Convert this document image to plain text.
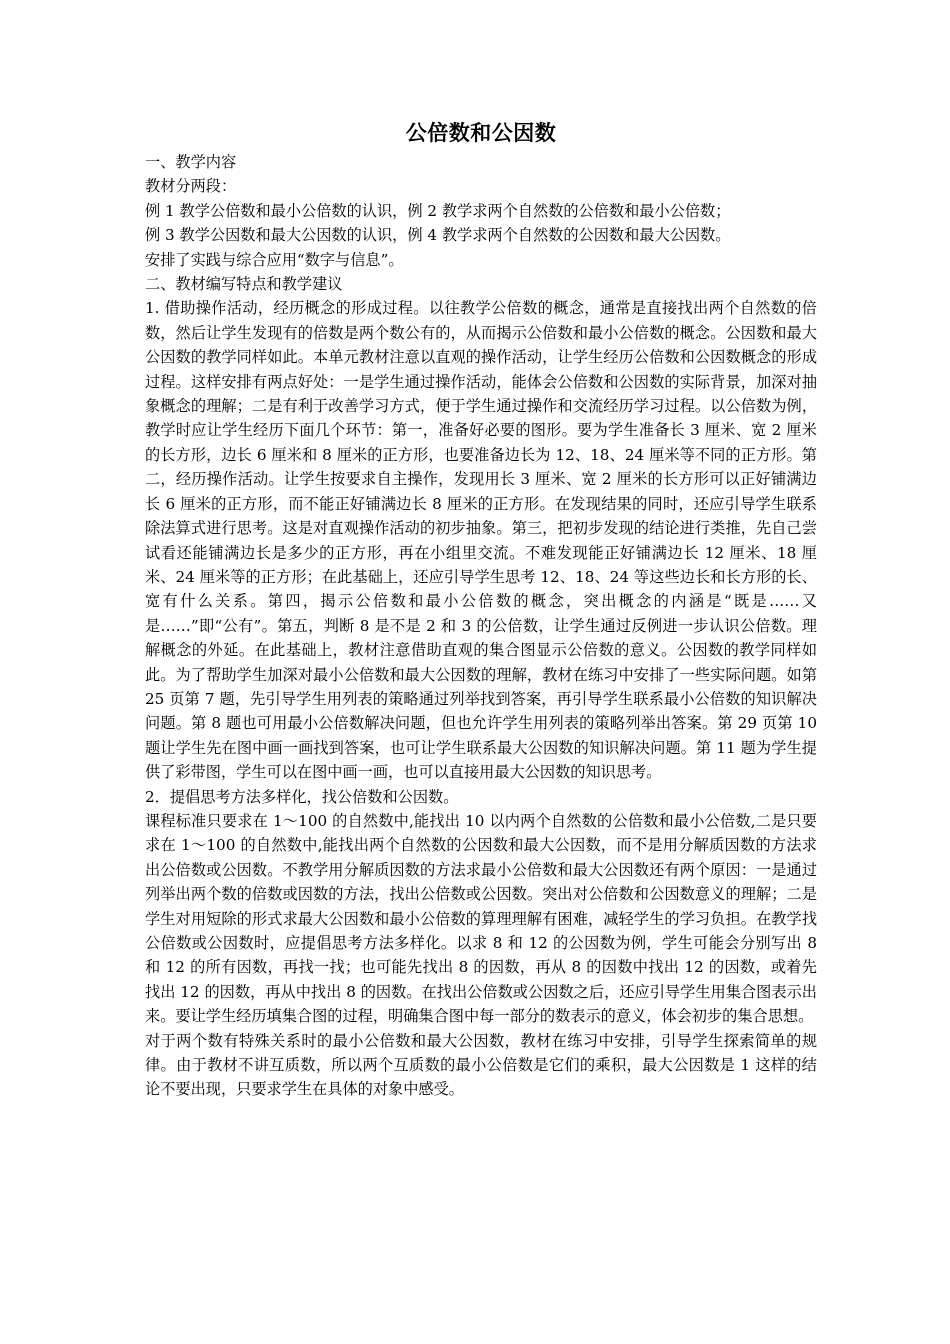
公倍数和公因数

一、教学内容

教材分两段：

例 1 教学公倍数和最小公倍数的认识，例 2 教学求两个自然数的公倍数和最小公倍数；

例 3 教学公因数和最大公因数的认识，例 4 教学求两个自然数的公因数和最大公因数。

安排了实践与综合应用“数字与信息”。

二、教材编写特点和教学建议

1. 借助操作活动，经历概念的形成过程。以往教学公倍数的概念，通常是直接找出两个自然数的倍数，然后让学生发现有的倍数是两个数公有的，从而揭示公倍数和最小公倍数的概念。公因数和最大公因数的教学同样如此。本单元教材注意以直观的操作活动，让学生经历公倍数和公因数概念的形成过程。这样安排有两点好处：一是学生通过操作活动，能体会公倍数和公因数的实际背景，加深对抽象概念的理解；二是有利于改善学习方式，便于学生通过操作和交流经历学习过程。以公倍数为例，教学时应让学生经历下面几个环节：第一，准备好必要的图形。要为学生准备长 3 厘米、宽 2 厘米的长方形，边长 6 厘米和 8 厘米的正方形，也要准备边长为 12、18、24 厘米等不同的正方形。第二，经历操作活动。让学生按要求自主操作，发现用长 3 厘米、宽 2 厘米的长方形可以正好铺满边长 6 厘米的正方形，而不能正好铺满边长 8 厘米的正方形。在发现结果的同时，还应引导学生联系除法算式进行思考。这是对直观操作活动的初步抽象。第三，把初步发现的结论进行类推，先自己尝试看还能铺满边长是多少的正方形，再在小组里交流。不难发现能正好铺满边长 12 厘米、18 厘米、24 厘米等的正方形；在此基础上，还应引导学生思考 12、18、24 等这些边长和长方形的长、宽有什么关系。第四，揭示公倍数和最小公倍数的概念，突出概念的内涵是“既是……又是……”即“公有”。第五，判断 8 是不是 2 和 3 的公倍数，让学生通过反例进一步认识公倍数。理解概念的外延。在此基础上，教材注意借助直观的集合图显示公倍数的意义。公因数的教学同样如此。为了帮助学生加深对最小公倍数和最大公因数的理解，教材在练习中安排了一些实际问题。如第 25 页第 7 题，先引导学生用列表的策略通过列举找到答案，再引导学生联系最小公倍数的知识解决问题。第 8 题也可用最小公倍数解决问题，但也允许学生用列表的策略列举出答案。第 29 页第 10 题让学生先在图中画一画找到答案，也可让学生联系最大公因数的知识解决问题。第 11 题为学生提供了彩带图，学生可以在图中画一画，也可以直接用最大公因数的知识思考。

2．提倡思考方法多样化，找公倍数和公因数。

课程标准只要求在 1～100 的自然数中,能找出 10 以内两个自然数的公倍数和最小公倍数,二是只要求在 1～100 的自然数中,能找出两个自然数的公因数和最大公因数，而不是用分解质因数的方法求出公倍数或公因数。不教学用分解质因数的方法求最小公倍数和最大公因数还有两个原因：一是通过列举出两个数的倍数或因数的方法，找出公倍数或公因数。突出对公倍数和公因数意义的理解；二是学生对用短除的形式求最大公因数和最小公倍数的算理理解有困难，减轻学生的学习负担。在教学找公倍数或公因数时，应提倡思考方法多样化。以求 8 和 12 的公因数为例，学生可能会分别写出 8 和 12 的所有因数，再找一找；也可能先找出 8 的因数，再从 8 的因数中找出 12 的因数，或着先找出 12 的因数，再从中找出 8 的因数。在找出公倍数或公因数之后，还应引导学生用集合图表示出来。要让学生经历填集合图的过程，明确集合图中每一部分的数表示的意义，体会初步的集合思想。

对于两个数有特殊关系时的最小公倍数和最大公因数，教材在练习中安排，引导学生探索简单的规律。由于教材不讲互质数，所以两个互质数的最小公倍数是它们的乘积，最大公因数是 1 这样的结论不要出现，只要求学生在具体的对象中感受。
